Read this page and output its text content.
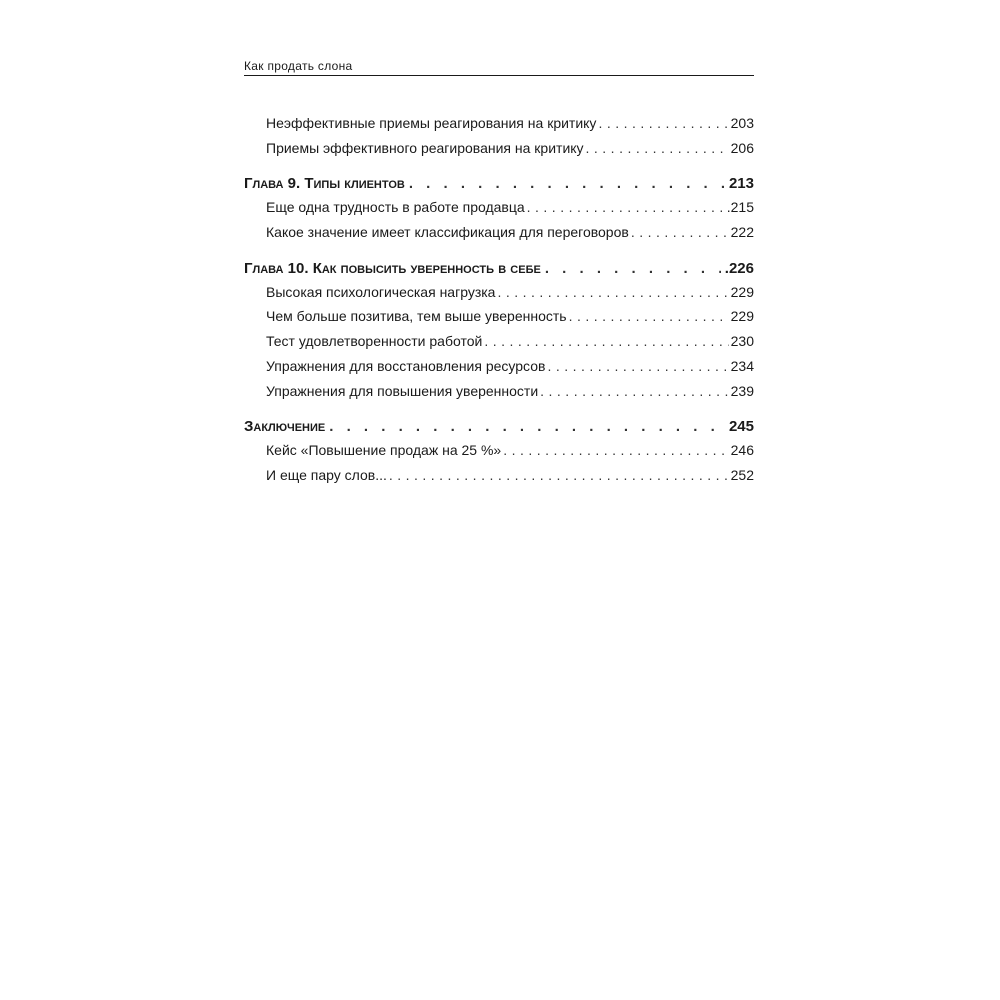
Как продать слона
Неэффективные приемы реагирования на критику . . .	203
Приемы эффективного реагирования на критику . . .	206
Глава 9. Типы клиентов . . .	213
Еще одна трудность в работе продавца . . .	.215
Какое значение имеет классификация для переговоров . . .	222
Глава 10. Как повысить уверенность в себе . . .	.226
Высокая психологическая нагрузка . . .	229
Чем больше позитива, тем выше уверенность . . .	229
Тест удовлетворенности работой . . .	230
Упражнения для восстановления ресурсов . . .	234
Упражнения для повышения уверенности . . .	239
Заключение . . .	245
Кейс «Повышение продаж на 25 %» . . .	246
И еще пару слов... . . .	252
